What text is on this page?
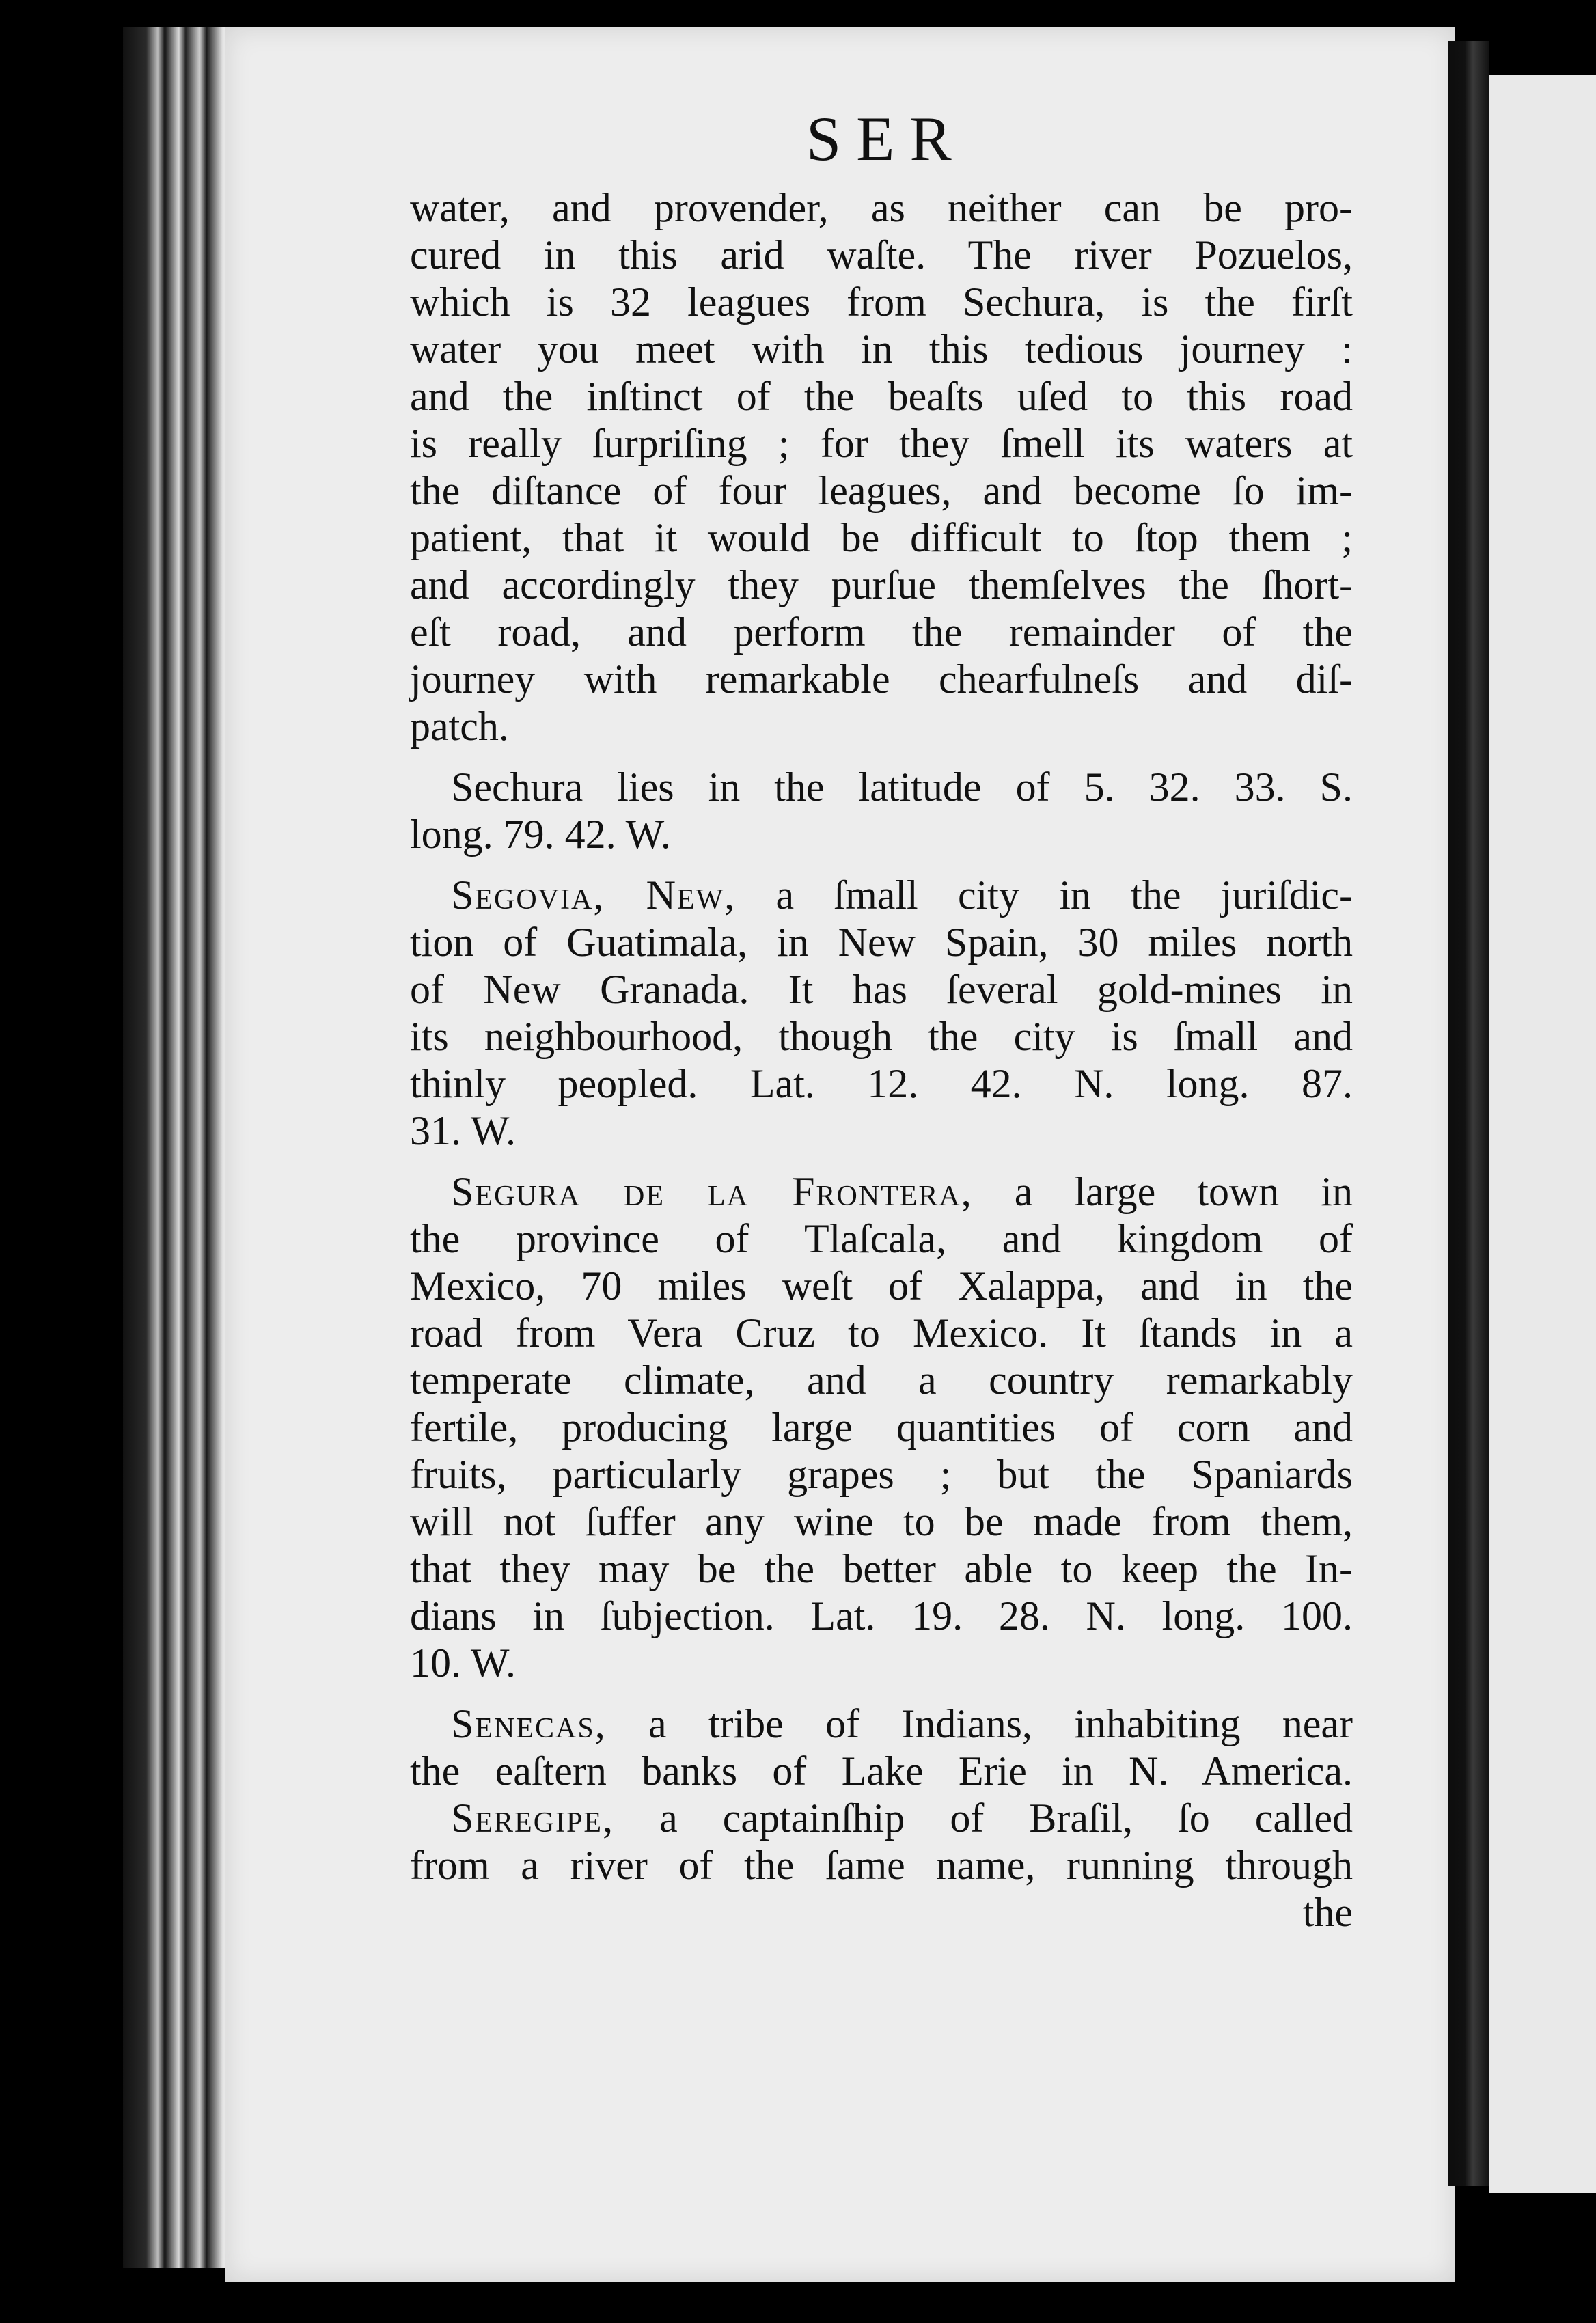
SER
water, and provender, as neither can be pro-
cured in this arid waſte. The river Pozuelos,
which is 32 leagues from Sechura, is the firſt
water you meet with in this tedious journey :
and the inſtinct of the beaſts uſed to this road
is really ſurpriſing ; for they ſmell its waters at
the diſtance of four leagues, and become ſo im-
patient, that it would be difficult to ſtop them ;
and accordingly they purſue themſelves the ſhort-
eſt road, and perform the remainder of the
journey with remarkable chearfulneſs and diſ-
patch.
Sechura lies in the latitude of 5. 32. 33. S.
long. 79. 42. W.
Segovia, New, a ſmall city in the juriſdic-
tion of Guatimala, in New Spain, 30 miles north
of New Granada. It has ſeveral gold-mines in
its neighbourhood, though the city is ſmall and
thinly peopled. Lat. 12. 42. N. long. 87.
31. W.
Segura de la Frontera, a large town in
the province of Tlaſcala, and kingdom of
Mexico, 70 miles weſt of Xalappa, and in the
road from Vera Cruz to Mexico. It ſtands in a
temperate climate, and a country remarkably
fertile, producing large quantities of corn and
fruits, particularly grapes ; but the Spaniards
will not ſuffer any wine to be made from them,
that they may be the better able to keep the In-
dians in ſubjection. Lat. 19. 28. N. long. 100.
10. W.
Senecas, a tribe of Indians, inhabiting near
the eaſtern banks of Lake Erie in N. America.
Seregipe, a captainſhip of Braſil, ſo called
from a river of the ſame name, running through
the
